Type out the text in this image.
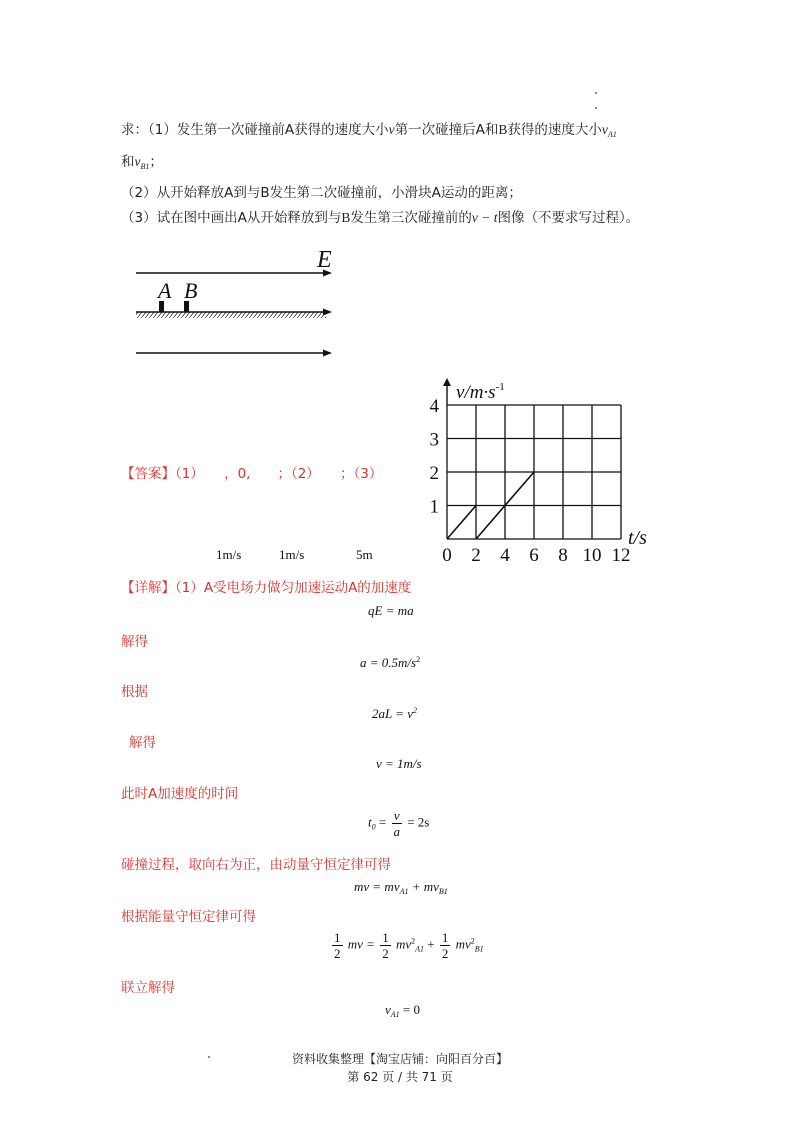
求：（1）发生第一次碰撞前A获得的速度大小v第一次碰撞后A和B获得的速度大小$v_{A1}$
和$v_{B1}$；
（2）从开始释放A到与B发生第二次碰撞前，小滑块A运动的距离；
（3）试在图中画出A从开始释放到与B发生第三次碰撞前的v − t图像（不要求写过程）。
E
A B
0 2 4 6 8 10 12
1
2
3
4
$v/m\cdot s^{-1}$
t/s
【答案】（1）　　，0,　　；（2）　　；（3）
1m/s	1m/s	5m
【详解】（1）A受电场力做匀加速运动A的加速度
qE = ma
解得
$a = 0.5m/s^2$
根据
$2aL = v^2$
解得
v = 1m/s
此时A加速度的时间
$t_0 = \frac{v}{a} = 2s$
碰撞过程，取向右为正，由动量守恒定律可得
mv = $mv_{A1} + mv_{B1}$
根据能量守恒定律可得
$\frac{1}{2}$ mv = $\frac{1}{2} mv^2_{A1} + \frac{1}{2} mv^2_{B1}$
联立解得
$v_{A1} = 0$
资料收集整理【淘宝店铺：向阳百分百】
第 62 页 / 共 71 页
